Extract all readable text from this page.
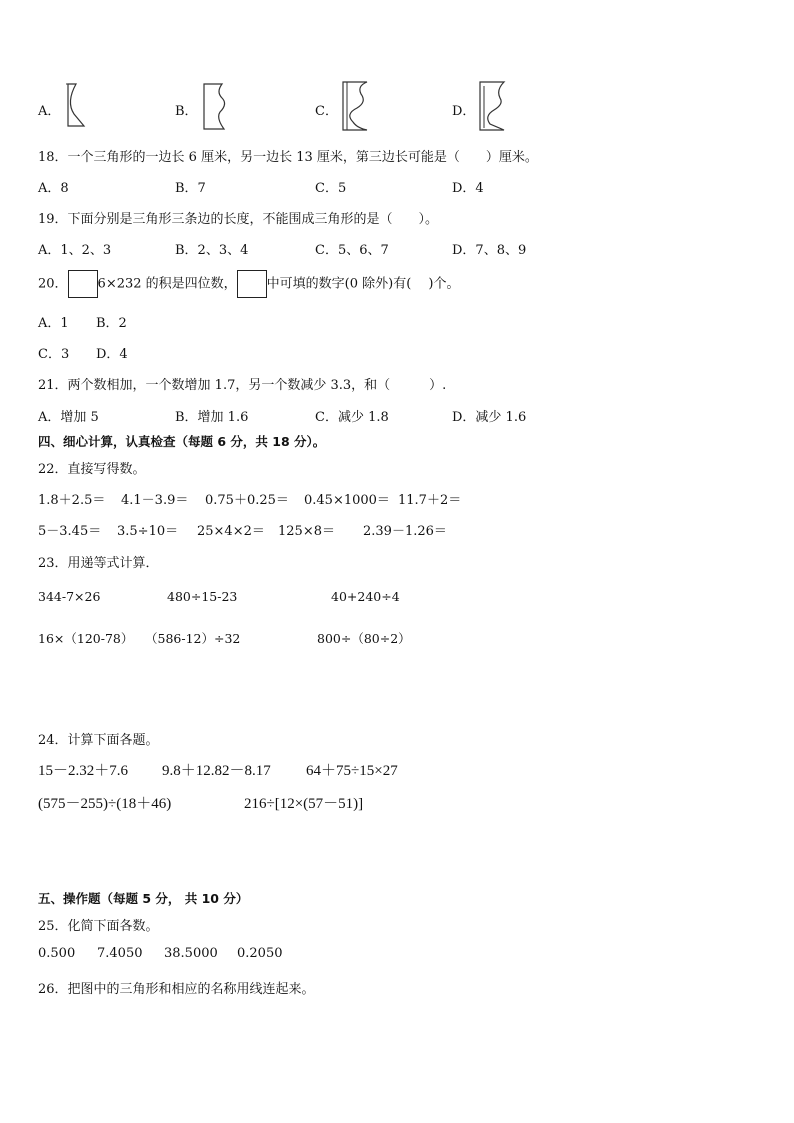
A．	B．	C．	D．
18．一个三角形的一边长 6 厘米，另一边长 13 厘米，第三边长可能是（　　）厘米。
A．8	B．7	C．5	D．4
19．下面分别是三角形三条边的长度，不能围成三角形的是（　　）。
A．1、2、3	B．2、3、4	C．5、6、7	D．7、8、9
20． 6×232 的积是四位数， 中可填的数字(0 除外)有(　 )个。
A．1 B．2
C．3 D．4
21．两个数相加，一个数增加 1.7，另一个数减少 3.3，和（　　　）.
A．增加 5	B．增加 1.6	C．减少 1.8	D．减少 1.6
四、细心计算，认真检查（每题 6 分，共 18 分）。
22．直接写得数。
1.8＋2.5＝ 4.1－3.9＝ 0.75＋0.25＝ 0.45×1000＝ 11.7＋2＝
5－3.45＝ 3.5÷10＝ 25×4×2＝ 125×8＝ 2.39－1.26＝
23．用递等式计算．
344-7×26	480÷15-23	40+240÷4
16×（120-78） （586-12）÷32	800÷（80÷2）
24．计算下面各题。
15－2.32＋7.6 9.8＋12.82－8.17 64＋75÷15×27
(575－255)÷(18＋46)	216÷[12×(57－51)]
五、操作题（每题 5 分， 共 10 分）
25．化简下面各数。
0.500 7.4050 38.5000 0.2050
26．把图中的三角形和相应的名称用线连起来。
